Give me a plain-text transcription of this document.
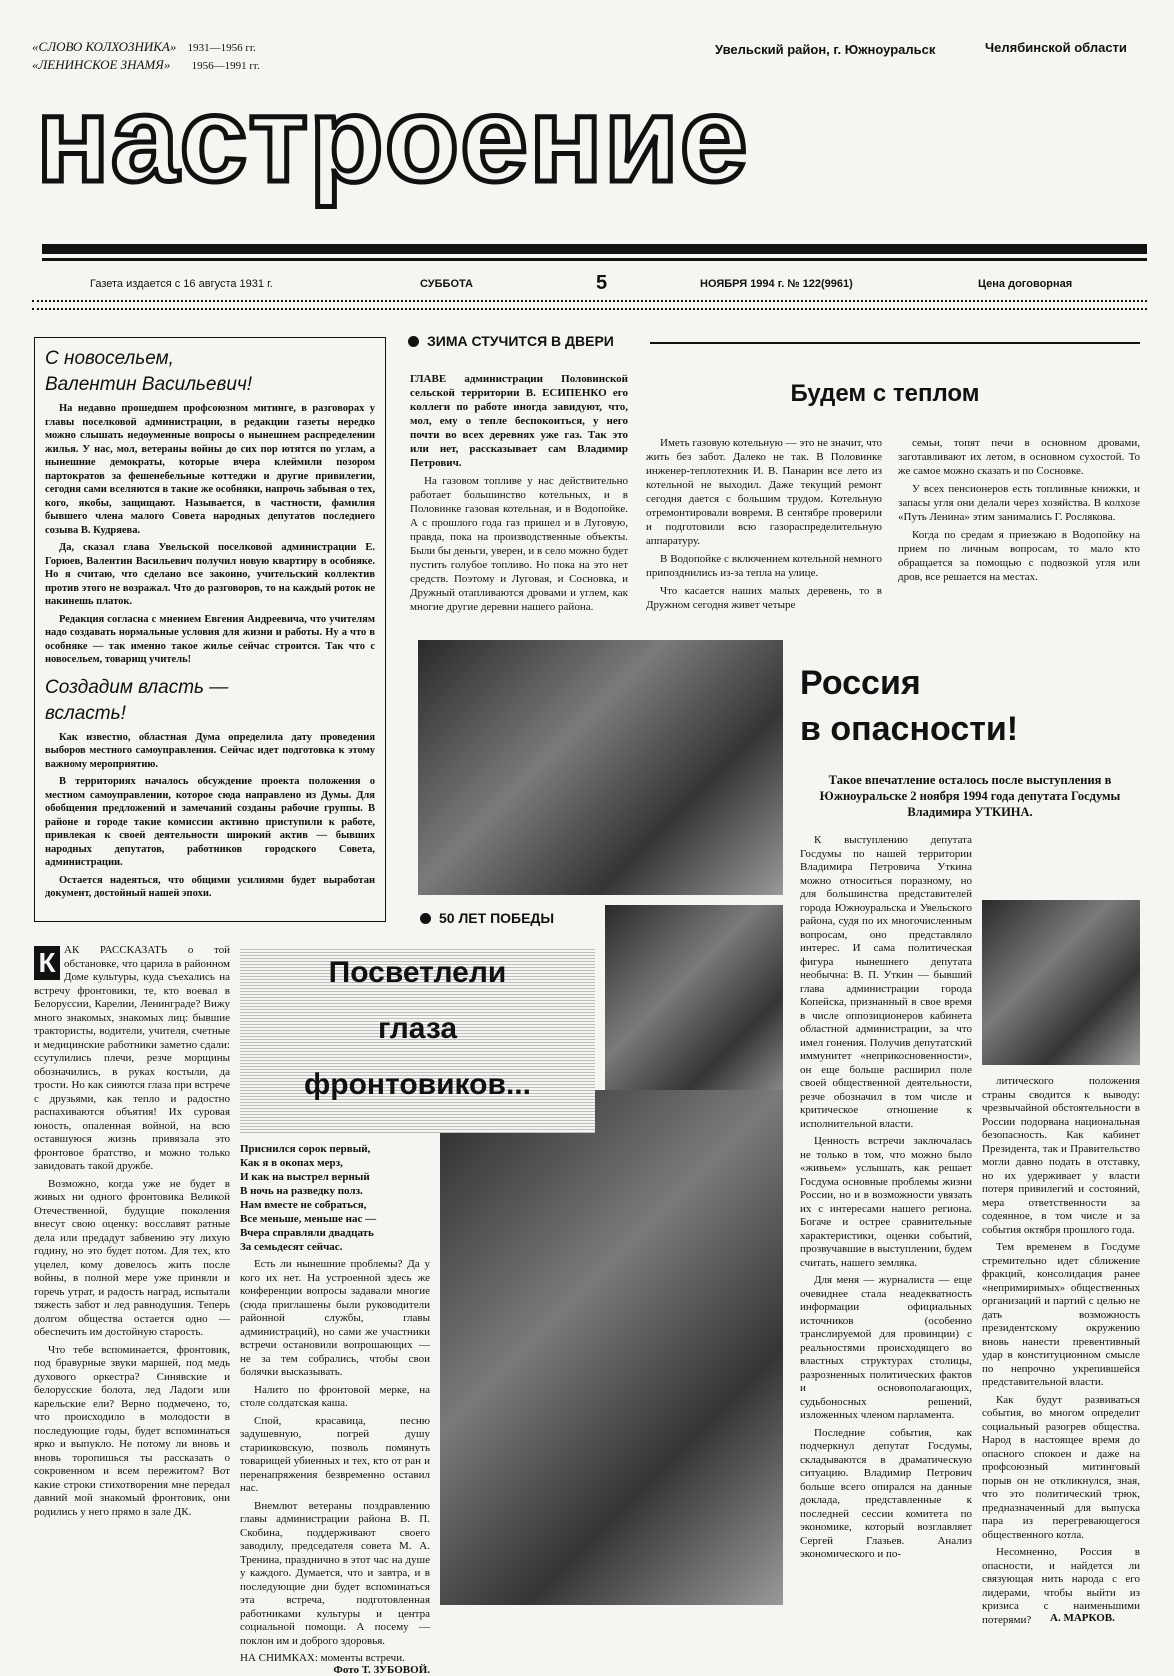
«СЛОВО КОЛХОЗНИКА» 1931—1956 гг.
«ЛЕНИНСКОЕ ЗНАМЯ» 1956—1991 гг.
Увельский район, г. Южноуральск	Челябинской области
настроение
Газета издается с 16 августа 1931 г.	СУББОТА	5	НОЯБРЯ 1994 г. № 122(9961)	Цена договорная
С новосельем,
Валентин Васильевич!

На недавно прошедшем профсоюзном митинге, в разговорах у главы поселковой администрации, в редакции газеты нередко можно слышать недоуменные вопросы о нынешнем распределении жилья. У нас, мол, ветераны войны до сих пор ютятся по углам, а нынешние демократы, которые вчера клеймили позором партократов за фешенебельные коттеджи и другие привилегии, сегодня сами вселяются в такие же особняки, напрочь забывая о тех, кого, якобы, защищают. Называется, в частности, фамилия бывшего члена малого Совета народных депутатов последнего созыва В. Кудряева.

Да, сказал глава Увельской поселковой администрации Е. Горюев, Валентин Васильевич получил новую квартиру в особняке. Но я считаю, что сделано все законно, учительский коллектив против этого не возражал. Что до разговоров, то на каждый роток не накинешь платок.

Редакция согласна с мнением Евгения Андреевича, что учителям надо создавать нормальные условия для жизни и работы. Ну а что в особняке — так именно такое жилье сейчас строится. Так что с новосельем, товарищ учитель!

Создадим власть —
всласть!

Как известно, областная Дума определила дату проведения выборов местного самоуправления. Сейчас идет подготовка к этому важному мероприятию.

В территориях началось обсуждение проекта положения о местном самоуправлении, которое сюда направлено из Думы. Для обобщения предложений и замечаний созданы рабочие группы. В районе и городе такие комиссии активно приступили к работе, привлекая к своей деятельности широкий актив — бывших народных депутатов, работников городского Совета, администрации.

Остается надеяться, что общими усилиями будет выработан документ, достойный нашей эпохи.

ЗИМА СТУЧИТСЯ В ДВЕРИ
Будем с теплом

ГЛАВЕ администрации Половинской сельской территории В. ЕСИПЕНКО его коллеги по работе иногда завидуют, что, мол, ему о тепле беспокоиться, у него почти во всех деревнях уже газ. Так это или нет, рассказывает сам Владимир Петрович.

На газовом топливе у нас действительно работает большинство котельных, и в Половинке газовая котельная, и в Водопойке. А с прошлого года газ пришел и в Луговую, правда, пока на производственные объекты. Были бы деньги, уверен, и в село можно будет пустить голубое топливо. Но пока на это нет средств. Поэтому и Луговая, и Сосновка, и Дружный отапливаются дровами и углем, как многие другие деревни нашего района.

Иметь газовую котельную — это не значит, что жить без забот. Далеко не так. В Половинке инженер-теплотехник И. В. Панарин все лето из котельной не выходил. Даже текущий ремонт сегодня дается с большим трудом. Котельную отремонтировали вовремя. В сентябре проверили и подготовили всю газораспределительную аппаратуру.

В Водопойке с включением котельной немного припозднились из-за тепла на улице.

Что касается наших малых деревень, то в Дружном сегодня живет четыре

семьи, топят печи в основном дровами, заготавливают их летом, в основном сухостой. То же самое можно сказать и по Сосновке.

У всех пенсионеров есть топливные книжки, и запасы угля они делали через хозяйства. В колхозе «Путь Ленина» этим занимались Г. Росляковa.

Когда по средам я приезжаю в Водопойку на прием по личным вопросам, то мало кто обращается за помощью с подвозкой угля или дров, все решается на местах.

Россия
в опасности!
Такое впечатление осталось после выступления в Южноуральске 2 ноября 1994 года депутата Госдумы Владимира УТКИНА.

К выступлению депутата Госдумы по нашей территории Владимира Петровича Уткина можно относиться поразному, но для большинства представителей города Южноуральска и Увельского района, судя по их многочисленным вопросам, оно представляло интерес. И сама политическая фигура нынешнего депутата необычна: В. П. Уткин — бывший глава администрации города Копейска, признанный в свое время в числе оппозиционеров кабинета областной администрации, за что имел гонения. Получив депутатский иммунитет «неприкосновенности», он еще больше расширил поле своей общественной деятельности, резче обозначил в том числе и критическое отношение к исполнительной власти.

Ценность встречи заключалась не только в том, что можно было «живьем» услышать, как решает Госдума основные проблемы жизни России, но и в возможности увязать их с интересами нашего региона. Богаче и острее сравнительные характеристики, оценки событий, прозвучавшие в выступлении, будем считать, нашего земляка.

Для меня — журналиста — еще очевиднее стала неадекватность информации официальных источников (особенно транслируемой для провинции) с реальностями происходящего во властных структурах столицы, разрозненных политических фактов и основополагающих, судьбоносных решений, изложенных членом парламента.

Последние события, как подчеркнул депутат Госдумы, складываются в драматическую ситуацию. Владимир Петрович больше всего опирался на данные доклада, представленные к последней сессии комитета по экономике, который возглавляет Сергей Глазьев. Анализ экономического и по-

литического положения страны сводится к выводу: чрезвычайной обстоятельности в России подорвана национальная безопасность. Как кабинет Президента, так и Правительство могли давно подать в отставку, но их удерживает у власти потеря привилегий и состояний, мера ответственности за содеянное, в том числе и за события октября прошлого года.

Тем временем в Госдуме стремительно идет сближение фракций, консолидация ранее «непримиримых» общественных организаций и партий с целью не дать возможность президентскому окружению вновь нанести превентивный удар в конституционном смысле по непрочно укрепившейся представительной власти.

Как будут развиваться события, во многом определит социальный разогрев общества. Народ в настоящее время до опасного спокоен и даже на профсоюзный митинговый порыв он не откликнулся, зная, что это политический трюк, предназначенный для выпуска пара из перегревающегося общественного котла.

Несомненно, Россия в опасности, и найдется ли связующая нить народа с его лидерами, чтобы выйти из кризиса с наименьшими потерями?	А. МАРКОВ.
50 ЛЕТ ПОБЕДЫ
Посветлели
глаза
фронтовиков...
К АК РАССКАЗАТЬ о той обстановке, что царила в районном Доме культуры, куда съехались на встречу фронтовики, те, кто воевал в Белоруссии, Карелии, Ленинграде? Вижу много знакомых, знакомых лиц: бывшие трактористы, водители, учителя, счетные и медицинские работники заметно сдали: ссутулились плечи, резче морщины обозначились, в руках костыли, да трости. Но как сияются глаза при встрече с друзьями, как тепло и радостно распахиваются объятия! Их суровая юность, опаленная войной, на всю оставшуюся жизнь привязала это фронтовое братство, и можно только завидовать такой дружбе.

Возможно, когда уже не будет в живых ни одного фронтовика Великой Отечественной, будущие поколения внесут свою оценку: восславят ратные дела или предадут забвению эту лихую годину, но это будет потом. Для тех, кто уцелел, кому довелось жить после войны, в полной мере уже приняли и горечь утрат, и радость наград, испытали тяжесть забот и лед равнодушия. Теперь долгом общества остается одно — обеспечить им достойную старость.

Что тебе вспоминается, фронтовик, под бравурные звуки маршей, под медь духового оркестра? Синявские и белорусские болота, лед Ладоги или карельские ели? Верно подмечено, то, что происходило в молодости в последующие годы, будет вспоминаться ярко и выпукло. Не потому ли вновь и вновь торопишься ты рассказать о сокровенном и всем пережитом? Вот какие строки стихотворения мне передал давний мой знакомый фронтовик, они родились у него прямо в зале ДК.

Приснился сорок первый,
Как я в окопах мерз,
И как на выстрел верный
В ночь на разведку полз.
Нам вместе не собраться,
Все меньше, меньше нас —
Вчера справляли двадцать
За семьдесят сейчас.

Есть ли нынешние проблемы? Да у кого их нет. На устроенной здесь же конференции вопросы задавали многие (сюда приглашены были руководители районной службы, главы администраций), но сами же участники встречи остановили вопрошающих — не за тем собрались, чтобы свои болячки высказывать.

Налито по фронтовой мерке, на столе солдатская каша.

Спой, красавица, песню задушевную, погрей душу старииковскую, позволь помянуть товарищей убиенных и тех, кто от ран и перенапряжения безвременно оставил нас.

Внемлют ветераны поздравлению главы администрации района В. П. Скобина, поддерживают своего заводилу, председателя совета М. А. Тренина, празднично в этот час на душе у каждого. Думается, что и завтра, и в последующие дни будет вспоминаться эта встреча, подготовленная работниками культуры и центра социальной помощи. А посему — поклон им и доброго здоровья.

НА СНИМКАХ: моменты встречи.

Фото Т. ЗУБОВОЙ.
